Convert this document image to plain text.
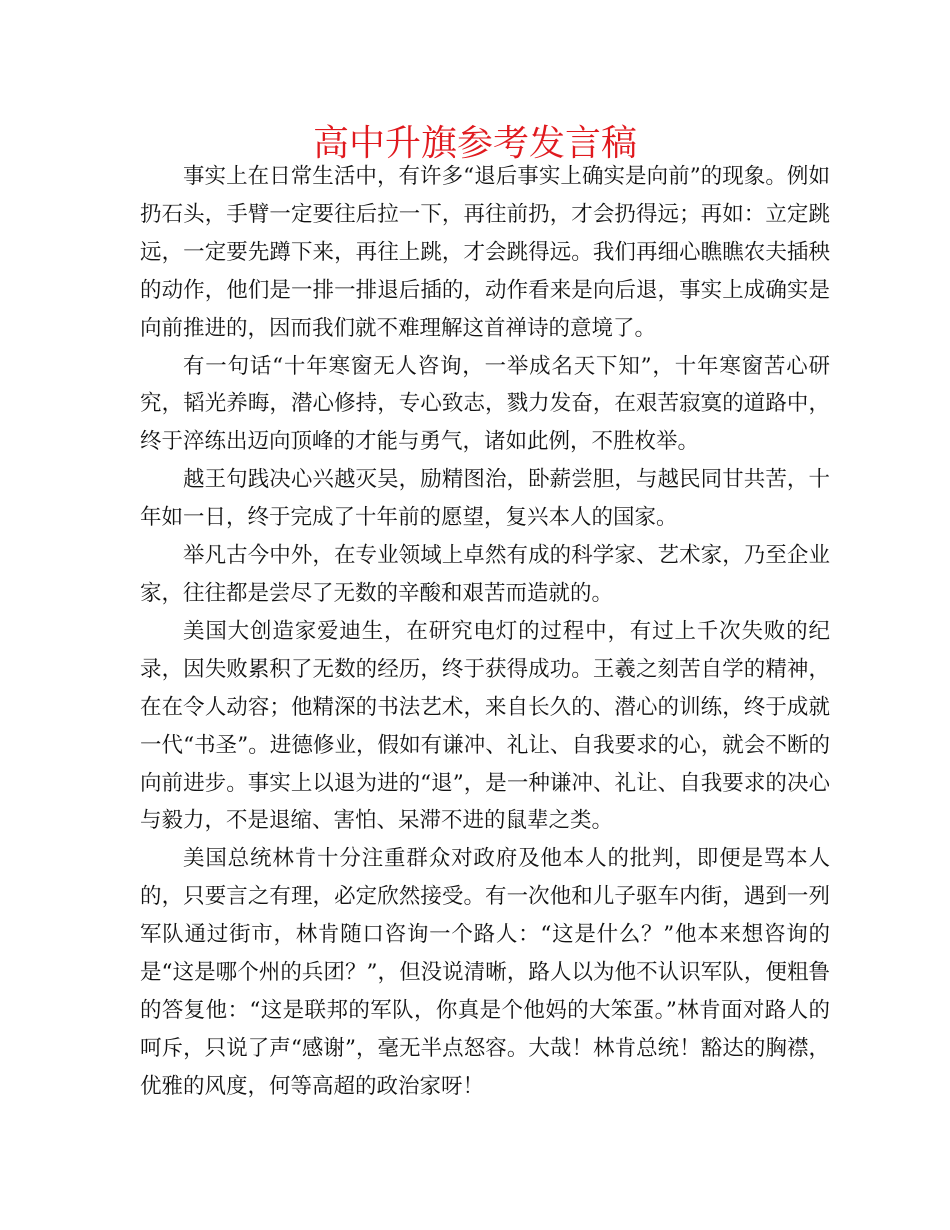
高中升旗参考发言稿

事实上在日常生活中，有许多“退后事实上确实是向前”的现象。例如扔石头，手臂一定要往后拉一下，再往前扔，才会扔得远；再如：立定跳远，一定要先蹲下来，再往上跳，才会跳得远。我们再细心瞧瞧农夫插秧的动作，他们是一排一排退后插的，动作看来是向后退，事实上成确实是向前推进的，因而我们就不难理解这首禅诗的意境了。

有一句话“十年寒窗无人咨询，一举成名天下知”，十年寒窗苦心研究，韬光养晦，潜心修持，专心致志，戮力发奋，在艰苦寂寞的道路中，终于淬练出迈向顶峰的才能与勇气，诸如此例，不胜枚举。

越王句践决心兴越灭吴，励精图治，卧薪尝胆，与越民同甘共苦，十年如一日，终于完成了十年前的愿望，复兴本人的国家。

举凡古今中外，在专业领域上卓然有成的科学家、艺术家，乃至企业家，往往都是尝尽了无数的辛酸和艰苦而造就的。

美国大创造家爱迪生，在研究电灯的过程中，有过上千次失败的纪录，因失败累积了无数的经历，终于获得成功。王羲之刻苦自学的精神，在在令人动容；他精深的书法艺术，来自长久的、潜心的训练，终于成就一代“书圣”。进德修业，假如有谦冲、礼让、自我要求的心，就会不断的向前进步。事实上以退为进的“退”，是一种谦冲、礼让、自我要求的决心与毅力，不是退缩、害怕、呆滞不进的鼠辈之类。

美国总统林肯十分注重群众对政府及他本人的批判，即便是骂本人的，只要言之有理，必定欣然接受。有一次他和儿子驱车内街，遇到一列军队通过街市，林肯随口咨询一个路人：“这是什么？”他本来想咨询的是“这是哪个州的兵团？”，但没说清晰，路人以为他不认识军队，便粗鲁的答复他：“这是联邦的军队，你真是个他妈的大笨蛋。”林肯面对路人的呵斥，只说了声“感谢”，毫无半点怒容。大哉！林肯总统！豁达的胸襟，优雅的风度，何等高超的政治家呀！
